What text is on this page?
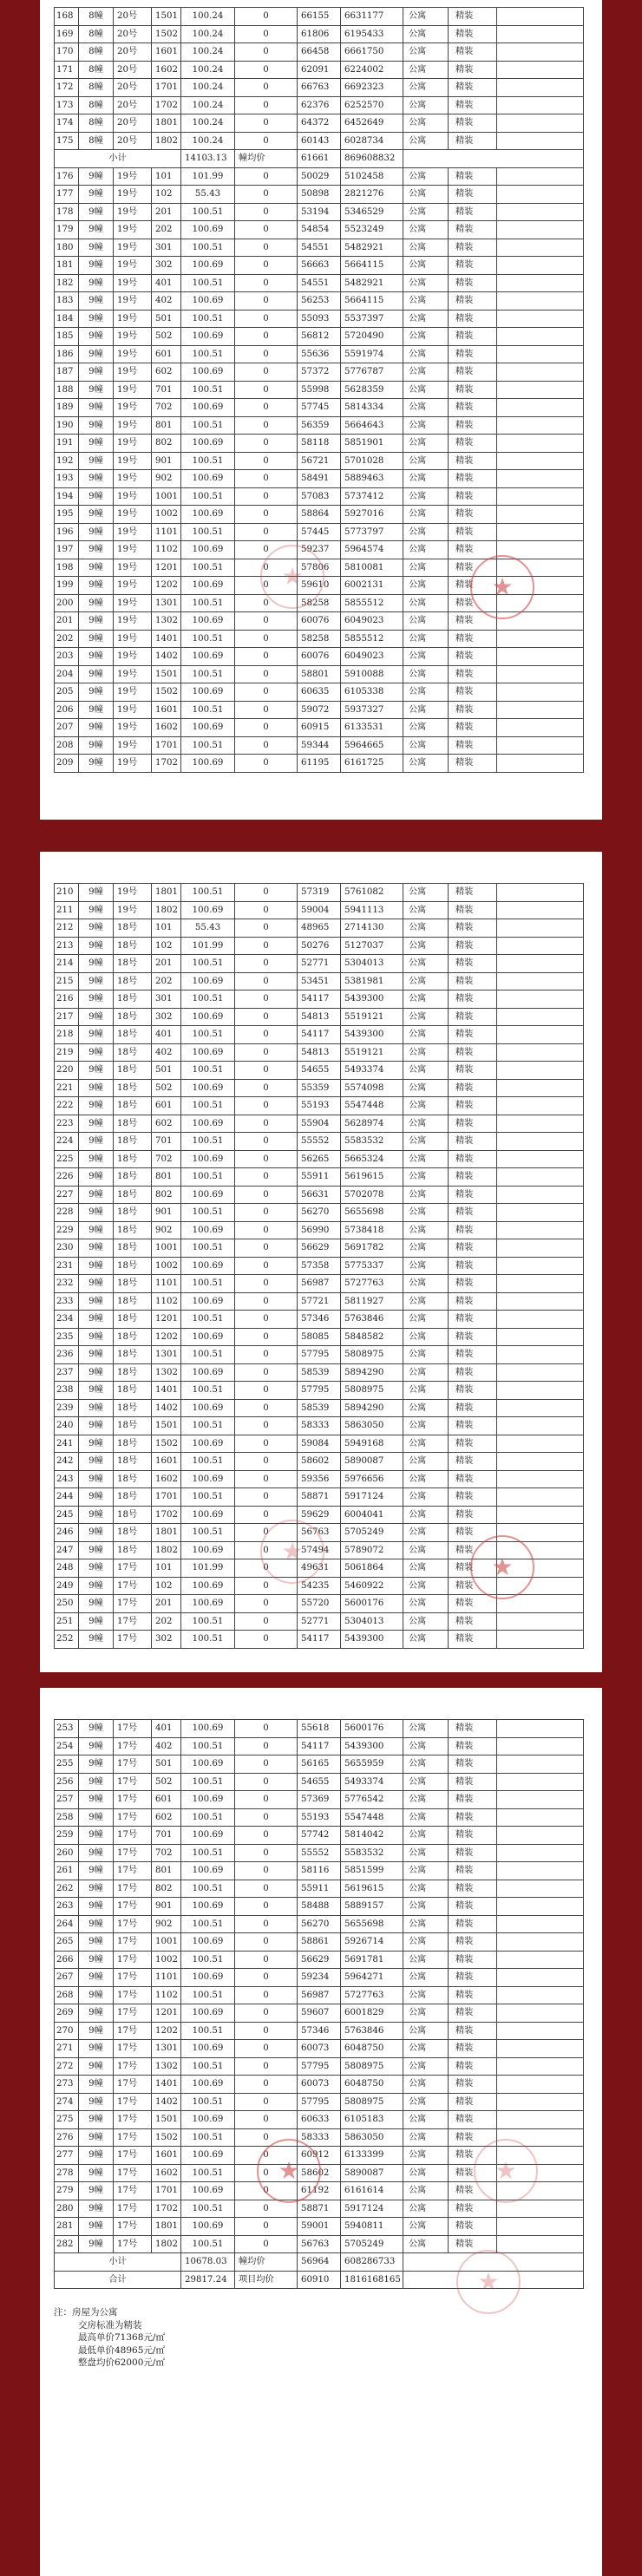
168	8幢	20号	1501	100.24	0	66155	6631177	公寓	精装	
169	8幢	20号	1502	100.24	0	61806	6195433	公寓	精装	
170	8幢	20号	1601	100.24	0	66458	6661750	公寓	精装	
171	8幢	20号	1602	100.24	0	62091	6224002	公寓	精装	
172	8幢	20号	1701	100.24	0	66763	6692323	公寓	精装	
173	8幢	20号	1702	100.24	0	62376	6252570	公寓	精装	
174	8幢	20号	1801	100.24	0	64372	6452649	公寓	精装	
175	8幢	20号	1802	100.24	0	60143	6028734	公寓	精装	
小计				14103.13	幢均价	61661	869608832			
176	9幢	19号	101	101.99	0	50029	5102458	公寓	精装	
177	9幢	19号	102	55.43	0	50898	2821276	公寓	精装	
178	9幢	19号	201	100.51	0	53194	5346529	公寓	精装	
179	9幢	19号	202	100.69	0	54854	5523249	公寓	精装	
180	9幢	19号	301	100.51	0	54551	5482921	公寓	精装	
181	9幢	19号	302	100.69	0	56663	5664115	公寓	精装	
182	9幢	19号	401	100.51	0	54551	5482921	公寓	精装	
183	9幢	19号	402	100.69	0	56253	5664115	公寓	精装	
184	9幢	19号	501	100.51	0	55093	5537397	公寓	精装	
185	9幢	19号	502	100.69	0	56812	5720490	公寓	精装	
186	9幢	19号	601	100.51	0	55636	5591974	公寓	精装	
187	9幢	19号	602	100.69	0	57372	5776787	公寓	精装	
188	9幢	19号	701	100.51	0	55998	5628359	公寓	精装	
189	9幢	19号	702	100.69	0	57745	5814334	公寓	精装	
190	9幢	19号	801	100.51	0	56359	5664643	公寓	精装	
191	9幢	19号	802	100.69	0	58118	5851901	公寓	精装	
192	9幢	19号	901	100.51	0	56721	5701028	公寓	精装	
193	9幢	19号	902	100.69	0	58491	5889463	公寓	精装	
194	9幢	19号	1001	100.51	0	57083	5737412	公寓	精装	
195	9幢	19号	1002	100.69	0	58864	5927016	公寓	精装	
196	9幢	19号	1101	100.51	0	57445	5773797	公寓	精装	
197	9幢	19号	1102	100.69	0	59237	5964574	公寓	精装	
198	9幢	19号	1201	100.51	0	57806	5810081	公寓	精装	
199	9幢	19号	1202	100.69	0	59610	6002131	公寓	精装	
200	9幢	19号	1301	100.51	0	58258	5855512	公寓	精装	
201	9幢	19号	1302	100.69	0	60076	6049023	公寓	精装	
202	9幢	19号	1401	100.51	0	58258	5855512	公寓	精装	
203	9幢	19号	1402	100.69	0	60076	6049023	公寓	精装	
204	9幢	19号	1501	100.51	0	58801	5910088	公寓	精装	
205	9幢	19号	1502	100.69	0	60635	6105338	公寓	精装	
206	9幢	19号	1601	100.51	0	59072	5937327	公寓	精装	
207	9幢	19号	1602	100.69	0	60915	6133531	公寓	精装	
208	9幢	19号	1701	100.51	0	59344	5964665	公寓	精装	
209	9幢	19号	1702	100.69	0	61195	6161725	公寓	精装	
★
★
210	9幢	19号	1801	100.51	0	57319	5761082	公寓	精装	
211	9幢	19号	1802	100.69	0	59004	5941113	公寓	精装	
212	9幢	18号	101	55.43	0	48965	2714130	公寓	精装	
213	9幢	18号	102	101.99	0	50276	5127037	公寓	精装	
214	9幢	18号	201	100.51	0	52771	5304013	公寓	精装	
215	9幢	18号	202	100.69	0	53451	5381981	公寓	精装	
216	9幢	18号	301	100.51	0	54117	5439300	公寓	精装	
217	9幢	18号	302	100.69	0	54813	5519121	公寓	精装	
218	9幢	18号	401	100.51	0	54117	5439300	公寓	精装	
219	9幢	18号	402	100.69	0	54813	5519121	公寓	精装	
220	9幢	18号	501	100.51	0	54655	5493374	公寓	精装	
221	9幢	18号	502	100.69	0	55359	5574098	公寓	精装	
222	9幢	18号	601	100.51	0	55193	5547448	公寓	精装	
223	9幢	18号	602	100.69	0	55904	5628974	公寓	精装	
224	9幢	18号	701	100.51	0	55552	5583532	公寓	精装	
225	9幢	18号	702	100.69	0	56265	5665324	公寓	精装	
226	9幢	18号	801	100.51	0	55911	5619615	公寓	精装	
227	9幢	18号	802	100.69	0	56631	5702078	公寓	精装	
228	9幢	18号	901	100.51	0	56270	5655698	公寓	精装	
229	9幢	18号	902	100.69	0	56990	5738418	公寓	精装	
230	9幢	18号	1001	100.51	0	56629	5691782	公寓	精装	
231	9幢	18号	1002	100.69	0	57358	5775337	公寓	精装	
232	9幢	18号	1101	100.51	0	56987	5727763	公寓	精装	
233	9幢	18号	1102	100.69	0	57721	5811927	公寓	精装	
234	9幢	18号	1201	100.51	0	57346	5763846	公寓	精装	
235	9幢	18号	1202	100.69	0	58085	5848582	公寓	精装	
236	9幢	18号	1301	100.51	0	57795	5808975	公寓	精装	
237	9幢	18号	1302	100.69	0	58539	5894290	公寓	精装	
238	9幢	18号	1401	100.51	0	57795	5808975	公寓	精装	
239	9幢	18号	1402	100.69	0	58539	5894290	公寓	精装	
240	9幢	18号	1501	100.51	0	58333	5863050	公寓	精装	
241	9幢	18号	1502	100.69	0	59084	5949168	公寓	精装	
242	9幢	18号	1601	100.51	0	58602	5890087	公寓	精装	
243	9幢	18号	1602	100.69	0	59356	5976656	公寓	精装	
244	9幢	18号	1701	100.51	0	58871	5917124	公寓	精装	
245	9幢	18号	1702	100.69	0	59629	6004041	公寓	精装	
246	9幢	18号	1801	100.51	0	56763	5705249	公寓	精装	
247	9幢	18号	1802	100.69	0	57494	5789072	公寓	精装	
248	9幢	17号	101	101.99	0	49631	5061864	公寓	精装	
249	9幢	17号	102	100.69	0	54235	5460922	公寓	精装	
250	9幢	17号	201	100.69	0	55720	5600176	公寓	精装	
251	9幢	17号	202	100.51	0	52771	5304013	公寓	精装	
252	9幢	17号	302	100.51	0	54117	5439300	公寓	精装	
★
★
253	9幢	17号	401	100.69	0	55618	5600176	公寓	精装	
254	9幢	17号	402	100.51	0	54117	5439300	公寓	精装	
255	9幢	17号	501	100.69	0	56165	5655959	公寓	精装	
256	9幢	17号	502	100.51	0	54655	5493374	公寓	精装	
257	9幢	17号	601	100.69	0	57369	5776542	公寓	精装	
258	9幢	17号	602	100.51	0	55193	5547448	公寓	精装	
259	9幢	17号	701	100.69	0	57742	5814042	公寓	精装	
260	9幢	17号	702	100.51	0	55552	5583532	公寓	精装	
261	9幢	17号	801	100.69	0	58116	5851599	公寓	精装	
262	9幢	17号	802	100.51	0	55911	5619615	公寓	精装	
263	9幢	17号	901	100.69	0	58488	5889157	公寓	精装	
264	9幢	17号	902	100.51	0	56270	5655698	公寓	精装	
265	9幢	17号	1001	100.69	0	58861	5926714	公寓	精装	
266	9幢	17号	1002	100.51	0	56629	5691781	公寓	精装	
267	9幢	17号	1101	100.69	0	59234	5964271	公寓	精装	
268	9幢	17号	1102	100.51	0	56987	5727763	公寓	精装	
269	9幢	17号	1201	100.69	0	59607	6001829	公寓	精装	
270	9幢	17号	1202	100.51	0	57346	5763846	公寓	精装	
271	9幢	17号	1301	100.69	0	60073	6048750	公寓	精装	
272	9幢	17号	1302	100.51	0	57795	5808975	公寓	精装	
273	9幢	17号	1401	100.69	0	60073	6048750	公寓	精装	
274	9幢	17号	1402	100.51	0	57795	5808975	公寓	精装	
275	9幢	17号	1501	100.69	0	60633	6105183	公寓	精装	
276	9幢	17号	1502	100.51	0	58333	5863050	公寓	精装	
277	9幢	17号	1601	100.69	0	60912	6133399	公寓	精装	
278	9幢	17号	1602	100.51	0	58602	5890087	公寓	精装	
279	9幢	17号	1701	100.69	0	61192	6161614	公寓	精装	
280	9幢	17号	1702	100.51	0	58871	5917124	公寓	精装	
281	9幢	17号	1801	100.69	0	59001	5940811	公寓	精装	
282	9幢	17号	1802	100.51	0	56763	5705249	公寓	精装	
小计				10678.03	幢均价	56964	608286733			
合计				29817.24	项目均价	60910	1816168165			
注：房屋为公寓
交房标准为精装
最高单价71368元/㎡
最低单价48965元/㎡
整盘均价62000元/㎡
★
★
★
